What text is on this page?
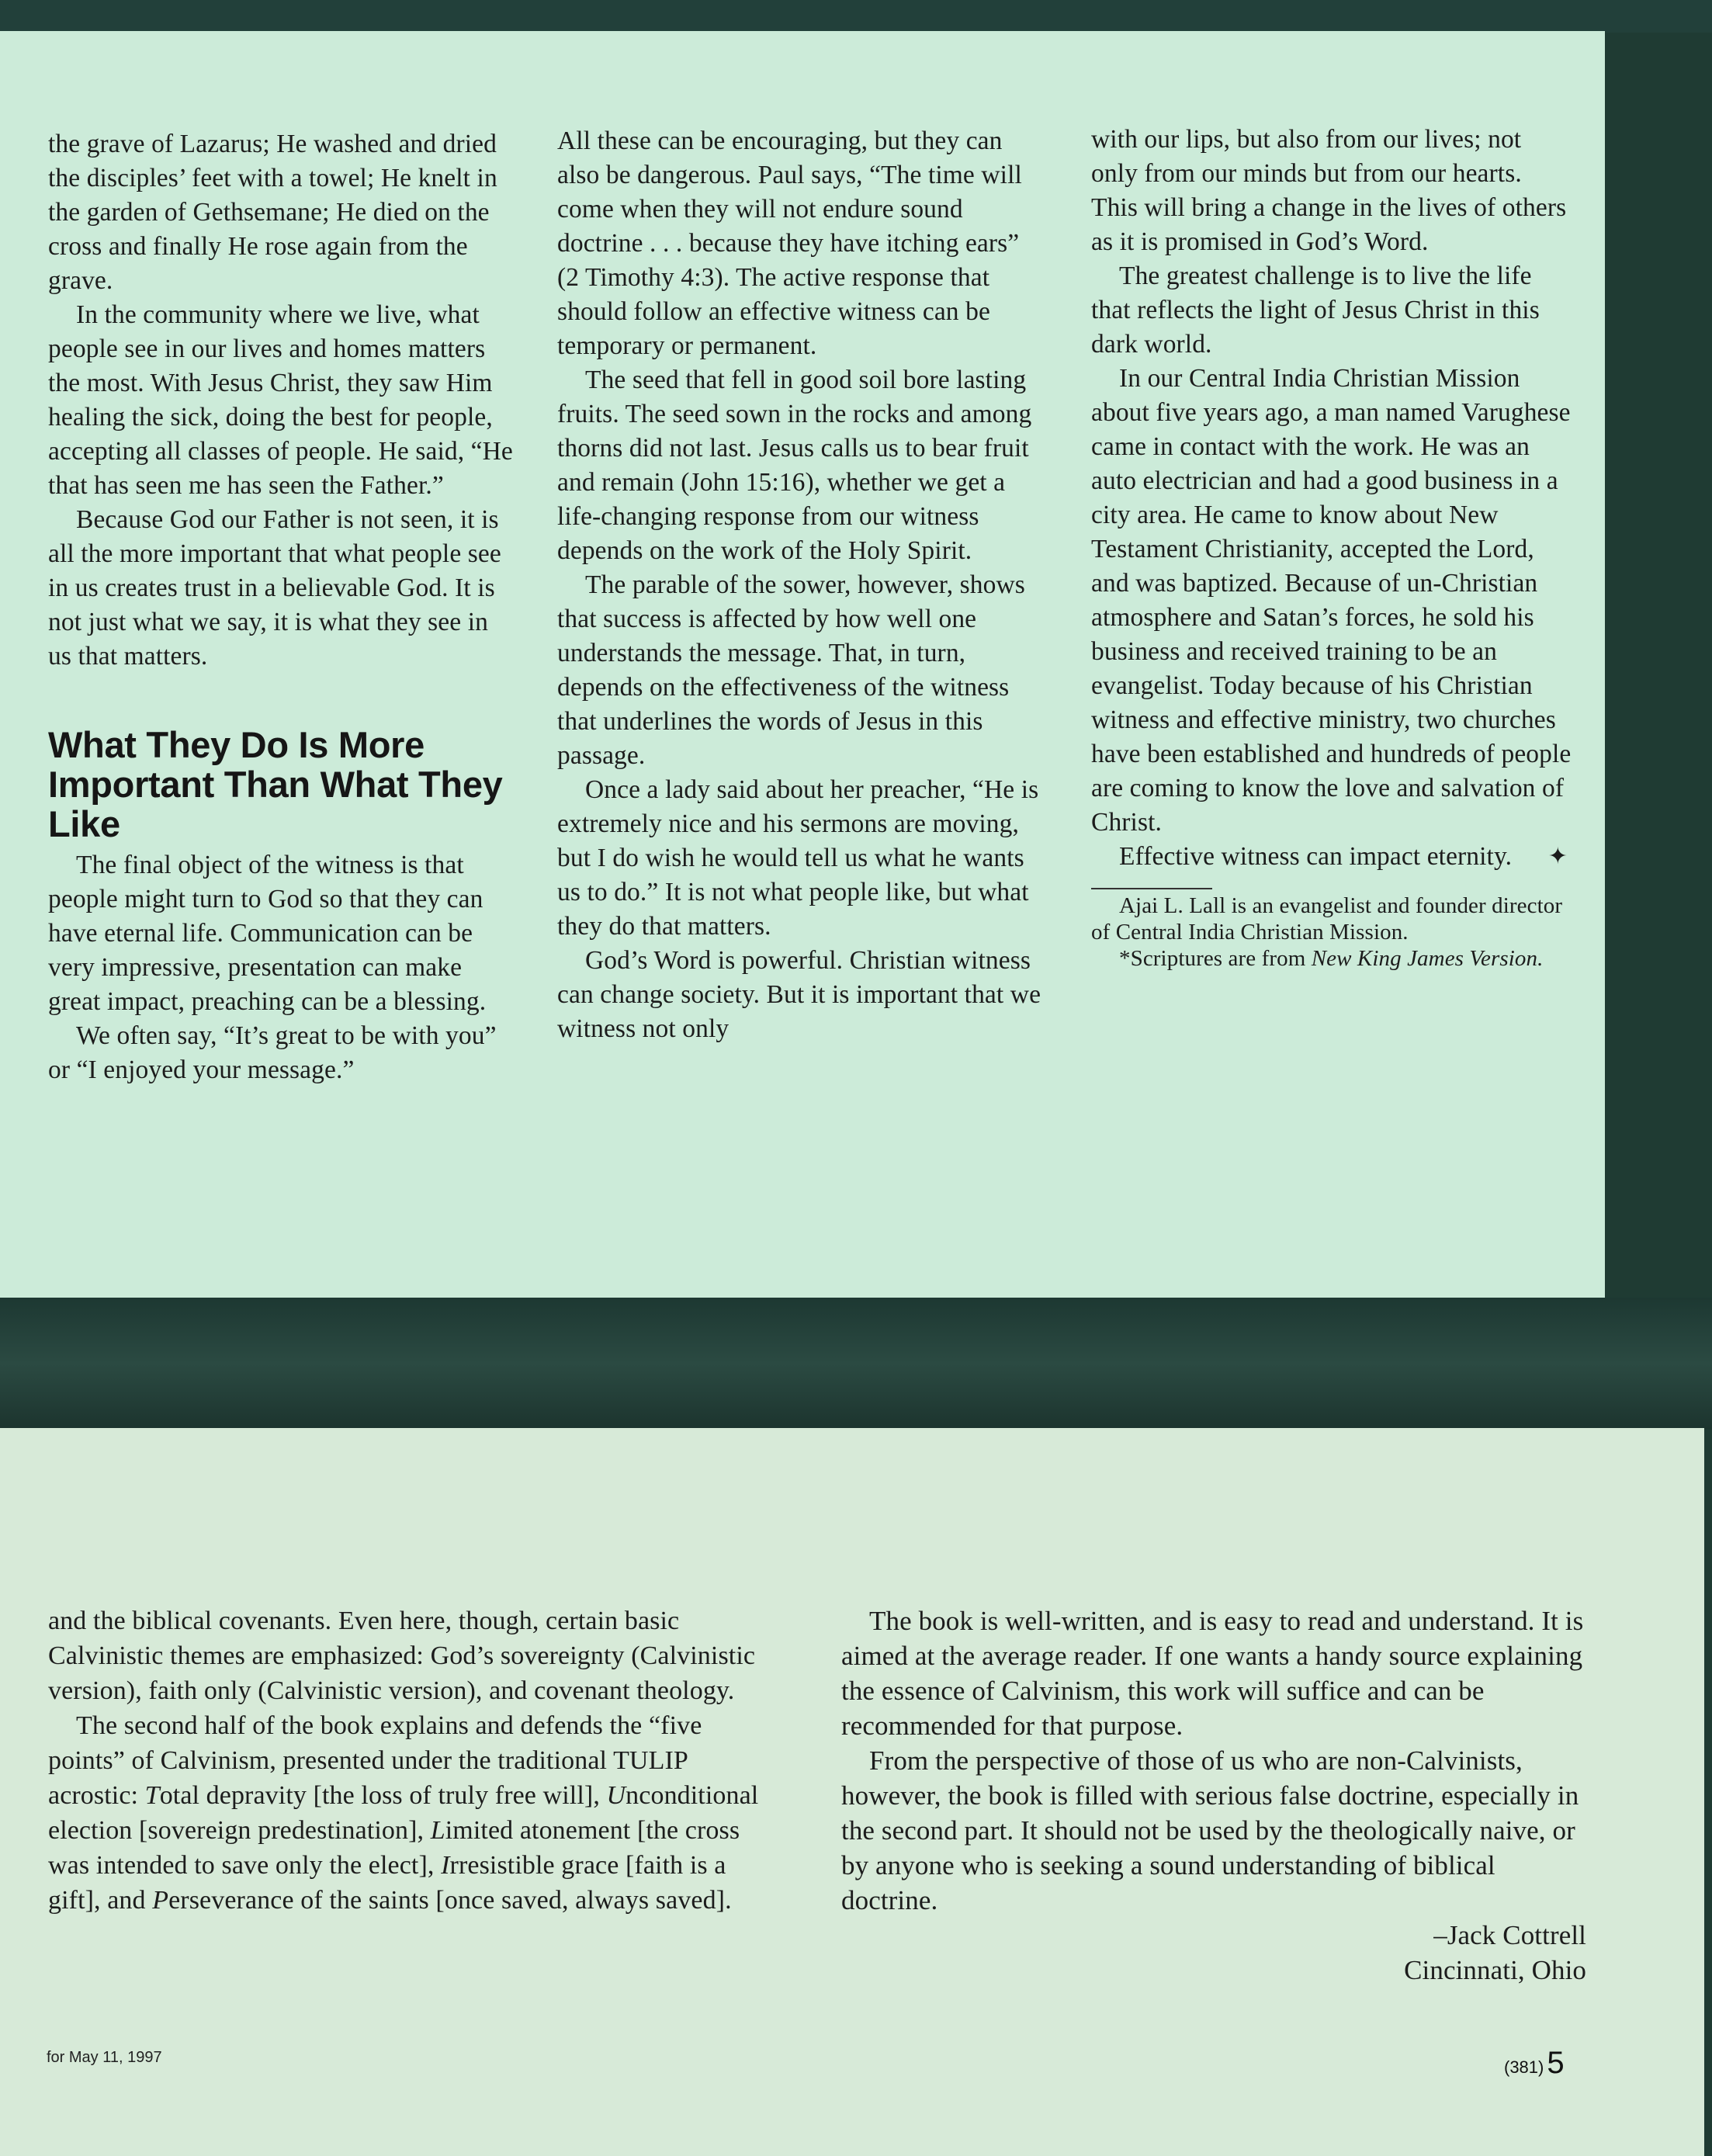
the grave of Lazarus; He washed and dried the disciples’ feet with a towel; He knelt in the garden of Gethsemane; He died on the cross and finally He rose again from the grave.

In the community where we live, what people see in our lives and homes matters the most. With Jesus Christ, they saw Him healing the sick, doing the best for people, accepting all classes of people. He said, “He that has seen me has seen the Father.”

Because God our Father is not seen, it is all the more important that what people see in us creates trust in a believable God. It is not just what we say, it is what they see in us that matters.

What They Do Is More Important Than What They Like

The final object of the witness is that people might turn to God so that they can have eternal life. Communication can be very impressive, presentation can make great impact, preaching can be a blessing.

We often say, “It’s great to be with you” or “I enjoyed your message.”

All these can be encouraging, but they can also be dangerous. Paul says, “The time will come when they will not endure sound doctrine . . . because they have itching ears” (2 Timothy 4:3). The active response that should follow an effective witness can be temporary or permanent.

The seed that fell in good soil bore lasting fruits. The seed sown in the rocks and among thorns did not last. Jesus calls us to bear fruit and remain (John 15:16), whether we get a life-changing response from our witness depends on the work of the Holy Spirit.

The parable of the sower, however, shows that success is affected by how well one understands the message. That, in turn, depends on the effectiveness of the witness that underlines the words of Jesus in this passage.

Once a lady said about her preacher, “He is extremely nice and his sermons are moving, but I do wish he would tell us what he wants us to do.” It is not what people like, but what they do that matters.

God’s Word is powerful. Christian witness can change society. But it is important that we witness not only

with our lips, but also from our lives; not only from our minds but from our hearts. This will bring a change in the lives of others as it is promised in God’s Word.

The greatest challenge is to live the life that reflects the light of Jesus Christ in this dark world.

In our Central India Christian Mission about five years ago, a man named Varughese came in contact with the work. He was an auto electrician and had a good business in a city area. He came to know about New Testament Christianity, accepted the Lord, and was baptized. Because of un-Christian atmosphere and Satan’s forces, he sold his business and received training to be an evangelist. Today because of his Christian witness and effective ministry, two churches have been established and hundreds of people are coming to know the love and salvation of Christ.

Effective witness can impact eternity.	✦

Ajai L. Lall is an evangelist and founder director of Central India Christian Mission.

*Scriptures are from New King James Version.

and the biblical covenants. Even here, though, certain basic Calvinistic themes are emphasized: God’s sovereignty (Calvinistic version), faith only (Calvinistic version), and covenant theology.

The second half of the book explains and defends the “five points” of Calvinism, presented under the traditional TULIP acrostic: Total depravity [the loss of truly free will], Unconditional election [sovereign predestination], Limited atonement [the cross was intended to save only the elect], Irresistible grace [faith is a gift], and Perseverance of the saints [once saved, always saved].

The book is well-written, and is easy to read and understand. It is aimed at the average reader. If one wants a handy source explaining the essence of Calvinism, this work will suffice and can be recommended for that purpose.

From the perspective of those of us who are non-Calvinists, however, the book is filled with serious false doctrine, especially in the second part. It should not be used by the theologically naive, or by anyone who is seeking a sound understanding of biblical doctrine.

–Jack Cottrell

Cincinnati, Ohio

for May 11, 1997	(381) 5
